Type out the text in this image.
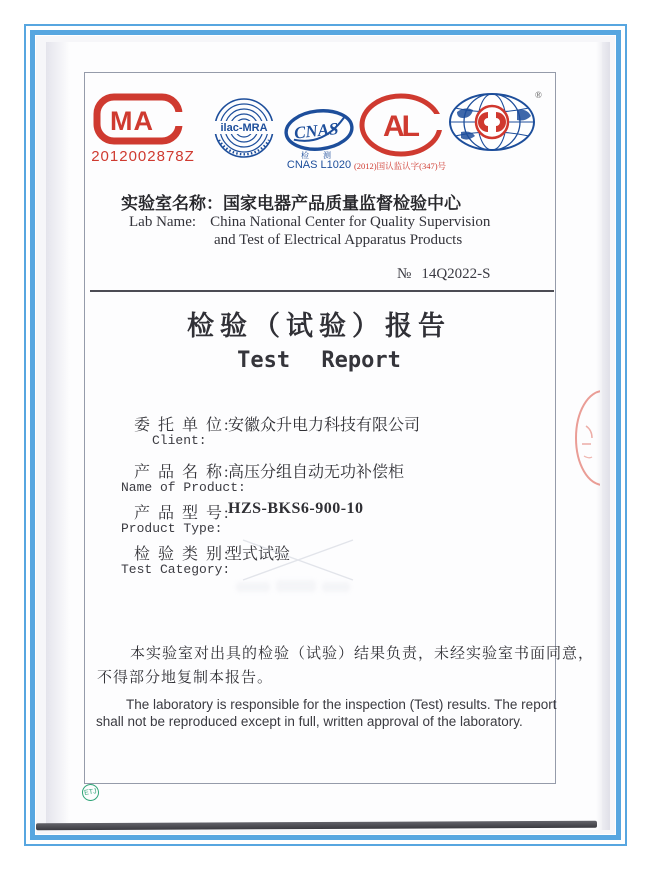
MA
2012002878Z
ilac-MRA CNAS
检 测
CNAS L1020
AL
(2012)国认监认字(347)号
®
实验室名称：国家电器产品质量监督检验中心
Lab Name: China National Center for Quality Supervision
and Test of Electrical Apparatus Products
№ 14Q2022-S
检验（试验）报告
Test Report
委 托 单 位:
安徽众升电力科技有限公司
Client:
产 品 名 称:
高压分组自动无功补偿柜
Name of Product:
产 品 型 号:
HZS-BKS6-900-10
Product Type:
检 验 类 别:
型式试验
Test Category:
本实验室对出具的检验（试验）结果负责，未经实验室书面同意，
不得部分地复制本报告。
The laboratory is responsible for the inspection (Test) results. The report shall not be reproduced except in full, written approval of the laboratory.
ETJ
